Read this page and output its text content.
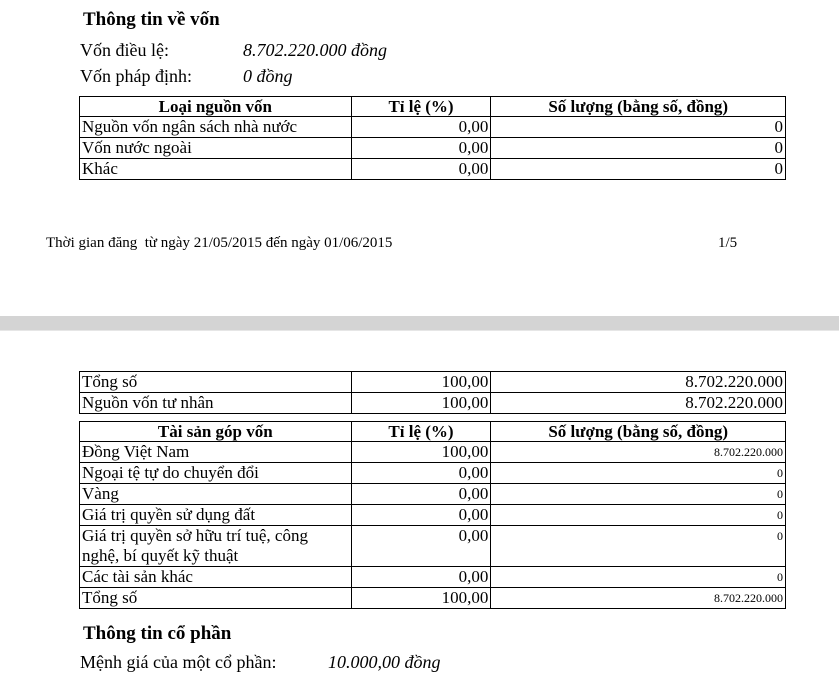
Thông tin về vốn
Vốn điều lệ:	8.702.220.000 đồng
Vốn pháp định:	0 đồng
Loại nguồn vốn	Tỉ lệ (%)	Số lượng (bằng số, đồng)
Nguồn vốn ngân sách nhà nước	0,00	0
Vốn nước ngoài	0,00	0
Khác	0,00	0
Thời gian đăng  từ ngày 21/05/2015 đến ngày 01/06/2015	1/5
Tổng số	100,00	8.702.220.000
Nguồn vốn tư nhân	100,00	8.702.220.000
Tài sản góp vốn	Tỉ lệ (%)	Số lượng (bằng số, đồng)
Đồng Việt Nam	100,00	8.702.220.000
Ngoại tệ tự do chuyển đổi	0,00	0
Vàng	0,00	0
Giá trị quyền sử dụng đất	0,00	0
Giá trị quyền sở hữu trí tuệ, công nghệ, bí quyết kỹ thuật	0,00	0
Các tài sản khác	0,00	0
Tổng số	100,00	8.702.220.000
Thông tin cổ phần
Mệnh giá của một cổ phần:	10.000,00 đồng
